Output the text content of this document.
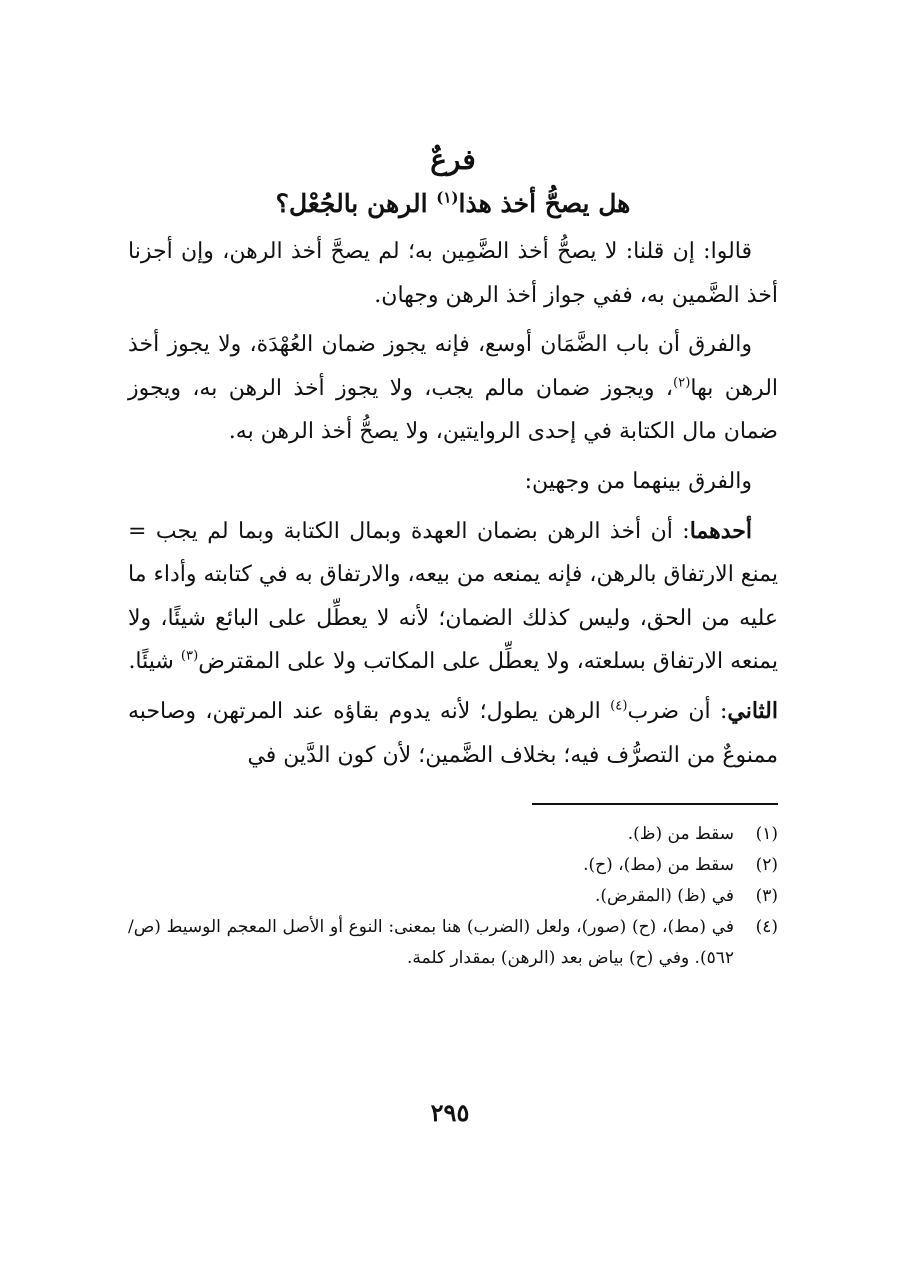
فرعٌ
هل يصحُّ أخذ هذا$^{(١)}$ الرهن بالجُعْل؟

قالوا: إن قلنا: لا يصحُّ أخذ الضَّمِين به؛ لم يصحَّ أخذ الرهن، وإن أجزنا أخذ الضَّمين به، ففي جواز أخذ الرهن وجهان.

والفرق أن باب الضَّمَان أوسع، فإنه يجوز ضمان العُهْدَة، ولا يجوز أخذ الرهن بها$^{(٢)}$، ويجوز ضمان مالم يجب، ولا يجوز أخذ الرهن به، ويجوز ضمان مال الكتابة في إحدى الروايتين، ولا يصحُّ أخذ الرهن به.

والفرق بينهما من وجهين:

أحدهما: أن أخذ الرهن بضمان العهدة وبمال الكتابة وبما لم يجب = يمنع الارتفاق بالرهن، فإنه يمنعه من بيعه، والارتفاق به في كتابته وأداء ما عليه من الحق، وليس كذلك الضمان؛ لأنه لا يعطِّل على البائع شيئًا، ولا يمنعه الارتفاق بسلعته، ولا يعطِّل على المكاتب ولا على المقترض$^{(٣)}$ شيئًا.

الثاني: أن ضرب$^{(٤)}$ الرهن يطول؛ لأنه يدوم بقاؤه عند المرتهن، وصاحبه ممنوعٌ من التصرُّف فيه؛ بخلاف الضَّمين؛ لأن كون الدَّين في

(١)
سقط من (ظ).
(٢)
سقط من (مط)، (ح).
(٣)
في (ظ) (المقرض).
(٤)
في (مط)، (ح) (صور)، ولعل (الضرب) هنا بمعنى: النوع أو الأصل المعجم الوسيط (ص/٥٦٢). وفي (ح) بياض بعد (الرهن) بمقدار كلمة.
٢٩٥
